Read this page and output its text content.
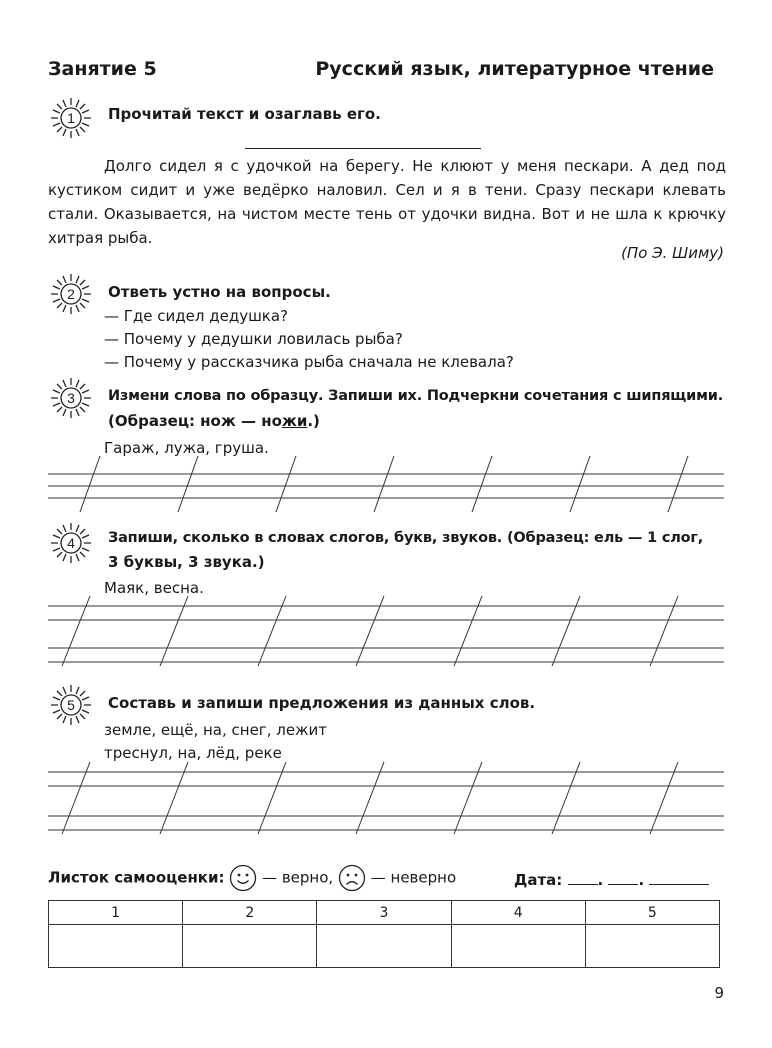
Занятие 5	Русский язык, литературное чтение
1 Прочитай текст и озаглавь его.
Долго сидел я с удочкой на берегу. Не клюют у меня пескари. А дед под кустиком сидит и уже ведёрко наловил. Сел и я в тени. Сразу пескари клевать стали. Оказывается, на чистом месте тень от удочки видна. Вот и не шла к крючку хитрая рыба.
(По Э. Шиму)
2 Ответь устно на вопросы.
— Где сидел дедушка?
— Почему у дедушки ловилась рыба?
— Почему у рассказчика рыба сначала не клевала?
3 Измени слова по образцу. Запиши их. Подчеркни сочетания с шипящими.
(Образец: нож — ножи.)
Гараж, лужа, груша.
4 Запиши, сколько в словах слогов, букв, звуков. (Образец: ель — 1 слог,
3 буквы, 3 звука.)
Маяк, весна.
5 Составь и запиши предложения из данных слов.
земле, ещё, на, снег, лежит
треснул, на, лёд, реке
Листок самооценки:	— верно,	— неверно	Дата: . .
1	2	3	4	5

9
